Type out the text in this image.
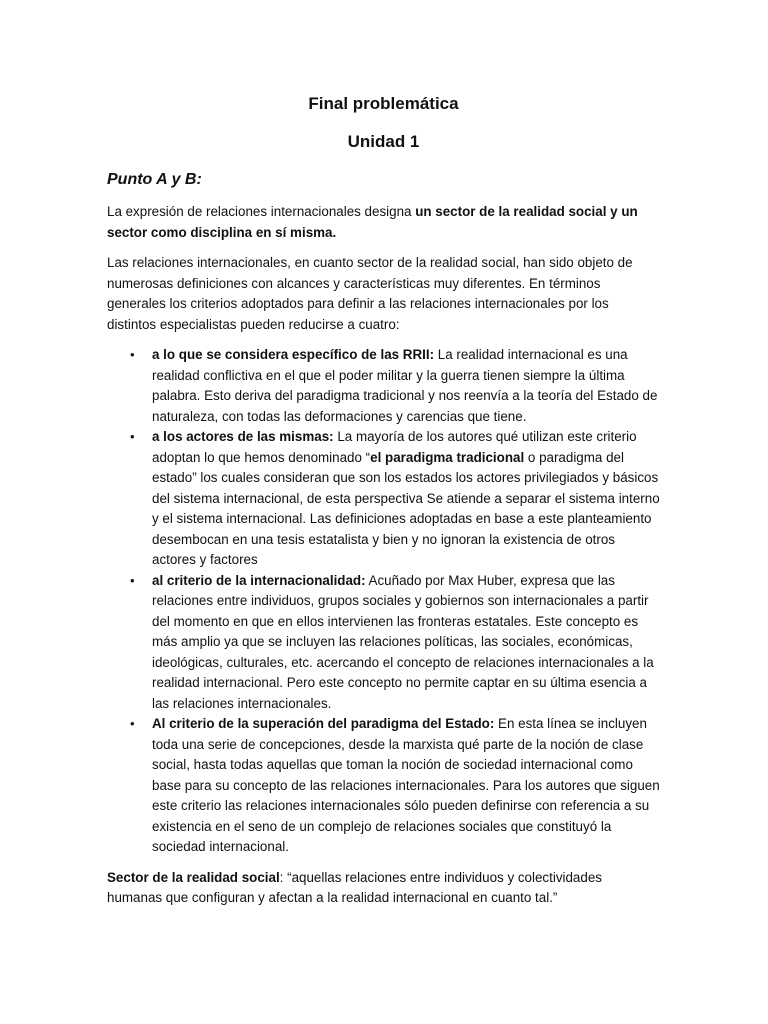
Final problemática
Unidad 1
Punto A y B:

La expresión de relaciones internacionales designa un sector de la realidad social y un sector como disciplina en sí misma.

Las relaciones internacionales, en cuanto sector de la realidad social, han sido objeto de numerosas definiciones con alcances y características muy diferentes. En términos generales los criterios adoptados para definir a las relaciones internacionales por los distintos especialistas pueden reducirse a cuatro:

• a lo que se considera específico de las RRII: La realidad internacional es una realidad conflictiva en el que el poder militar y la guerra tienen siempre la última palabra. Esto deriva del paradigma tradicional y nos reenvía a la teoría del Estado de naturaleza, con todas las deformaciones y carencias que tiene.
• a los actores de las mismas: La mayoría de los autores qué utilizan este criterio adoptan lo que hemos denominado “el paradigma tradicional o paradigma del estado” los cuales consideran que son los estados los actores privilegiados y básicos del sistema internacional, de esta perspectiva Se atiende a separar el sistema interno y el sistema internacional. Las definiciones adoptadas en base a este planteamiento desembocan en una tesis estatalista y bien y no ignoran la existencia de otros actores y factores
• al criterio de la internacionalidad: Acuñado por Max Huber, expresa que las relaciones entre individuos, grupos sociales y gobiernos son internacionales a partir del momento en que en ellos intervienen las fronteras estatales. Este concepto es más amplio ya que se incluyen las relaciones políticas, las sociales, económicas, ideológicas, culturales, etc. acercando el concepto de relaciones internacionales a la realidad internacional. Pero este concepto no permite captar en su última esencia a las relaciones internacionales.
• Al criterio de la superación del paradigma del Estado: En esta línea se incluyen toda una serie de concepciones, desde la marxista qué parte de la noción de clase social, hasta todas aquellas que toman la noción de sociedad internacional como base para su concepto de las relaciones internacionales. Para los autores que siguen este criterio las relaciones internacionales sólo pueden definirse con referencia a su existencia en el seno de un complejo de relaciones sociales que constituyó la sociedad internacional.

Sector de la realidad social: “aquellas relaciones entre individuos y colectividades humanas que configuran y afectan a la realidad internacional en cuanto tal.”
